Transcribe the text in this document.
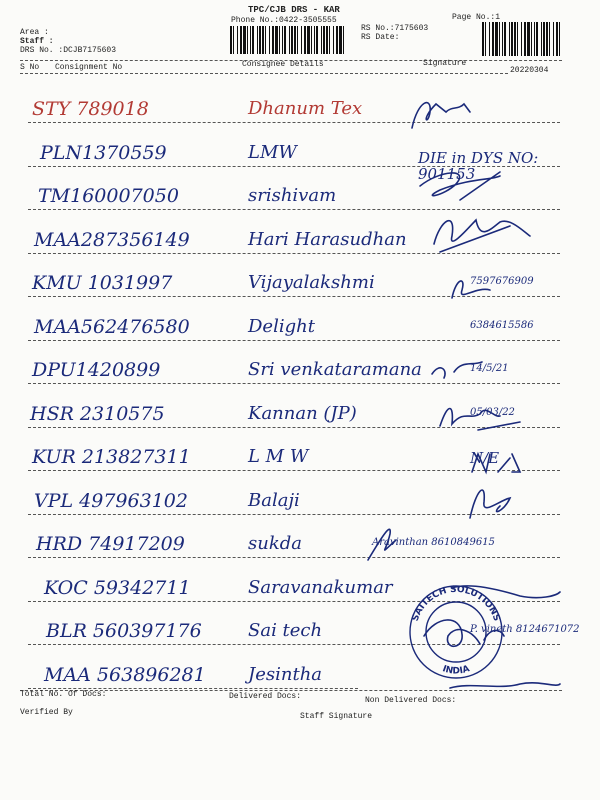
TPC/CJB DRS - KAR
Phone No.:0422-3505555	Page No.:1
Area :
Staff :
DRS No. :DCJB7175603
RS No.:7175603
RS Date:
S No Consignment No	Consignee Details	Signature
20220304
STY 789018	Dhanum Tex
PLN1370559	LMW	DIE in DYS NO: 901153
TM160007050	srishivam
MAA287356149	Hari Harasudhan
KMU 1031997	Vijayalakshmi	7597676909
MAA562476580	Delight	6384615586
DPU1420899	Sri venkataramana	14/5/21
HSR 2310575	Kannan (JP)	05/03/22
KUR 213827311	L M W	N/E
VPL 497963102	Balaji
HRD 74917209	sukda	Aravinthan 8610849615
KOC 59342711	Saravanakumar
BLR 560397176	Sai tech	P. vineth 8124671072
MAA 563896281 Jesintha
SAITECH SOLUTIONS
INDIA
Total No. Of Docs:	Delivered Docs:	Non Delivered Docs:
Verified By	Staff Signature
